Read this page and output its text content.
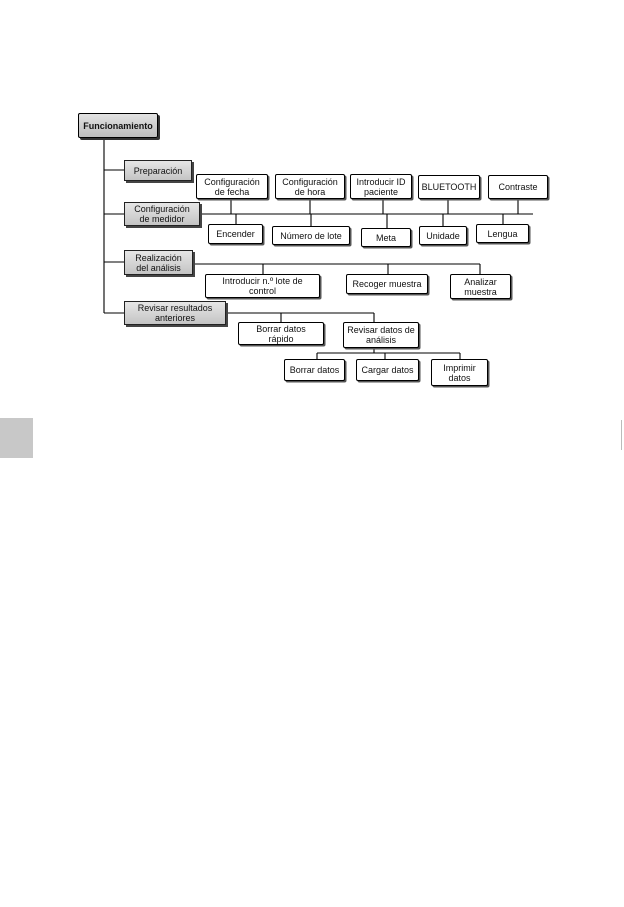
Funcionamiento
Preparación
Configuración
de medidor
Realización
del análisis
Revisar resultados
anteriores
Configuración
de fecha
Configuración
de hora
Introducir ID
paciente	BLUETOOTH Contraste
Encender	Número de lote	Meta	Unidade	Lengua
Introducir n.º lote de
control
Recoger muestra	Analizar
muestra
Borrar datos
rápido
Revisar datos de
análisis
Borrar datos Cargar datos	Imprimir
datos
